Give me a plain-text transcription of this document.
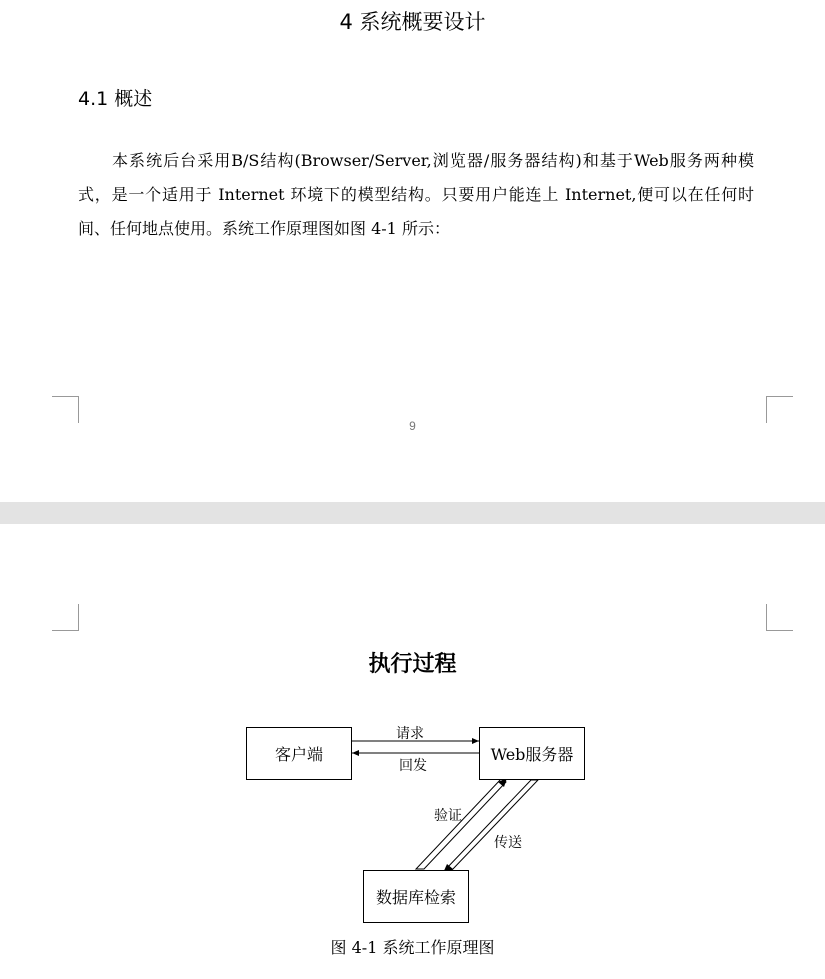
4 系统概要设计
4.1 概述
本系统后台采用B/S结构(Browser/Server,浏览器/服务器结构)和基于Web服务两种模式，是一个适用于 Internet 环境下的模型结构。只要用户能连上 Internet,便可以在任何时间、任何地点使用。系统工作原理图如图 4-1 所示：
9
执行过程
客户端	Web服务器
数据库检索
请求
回发
验证
传送
图 4-1 系统工作原理图
